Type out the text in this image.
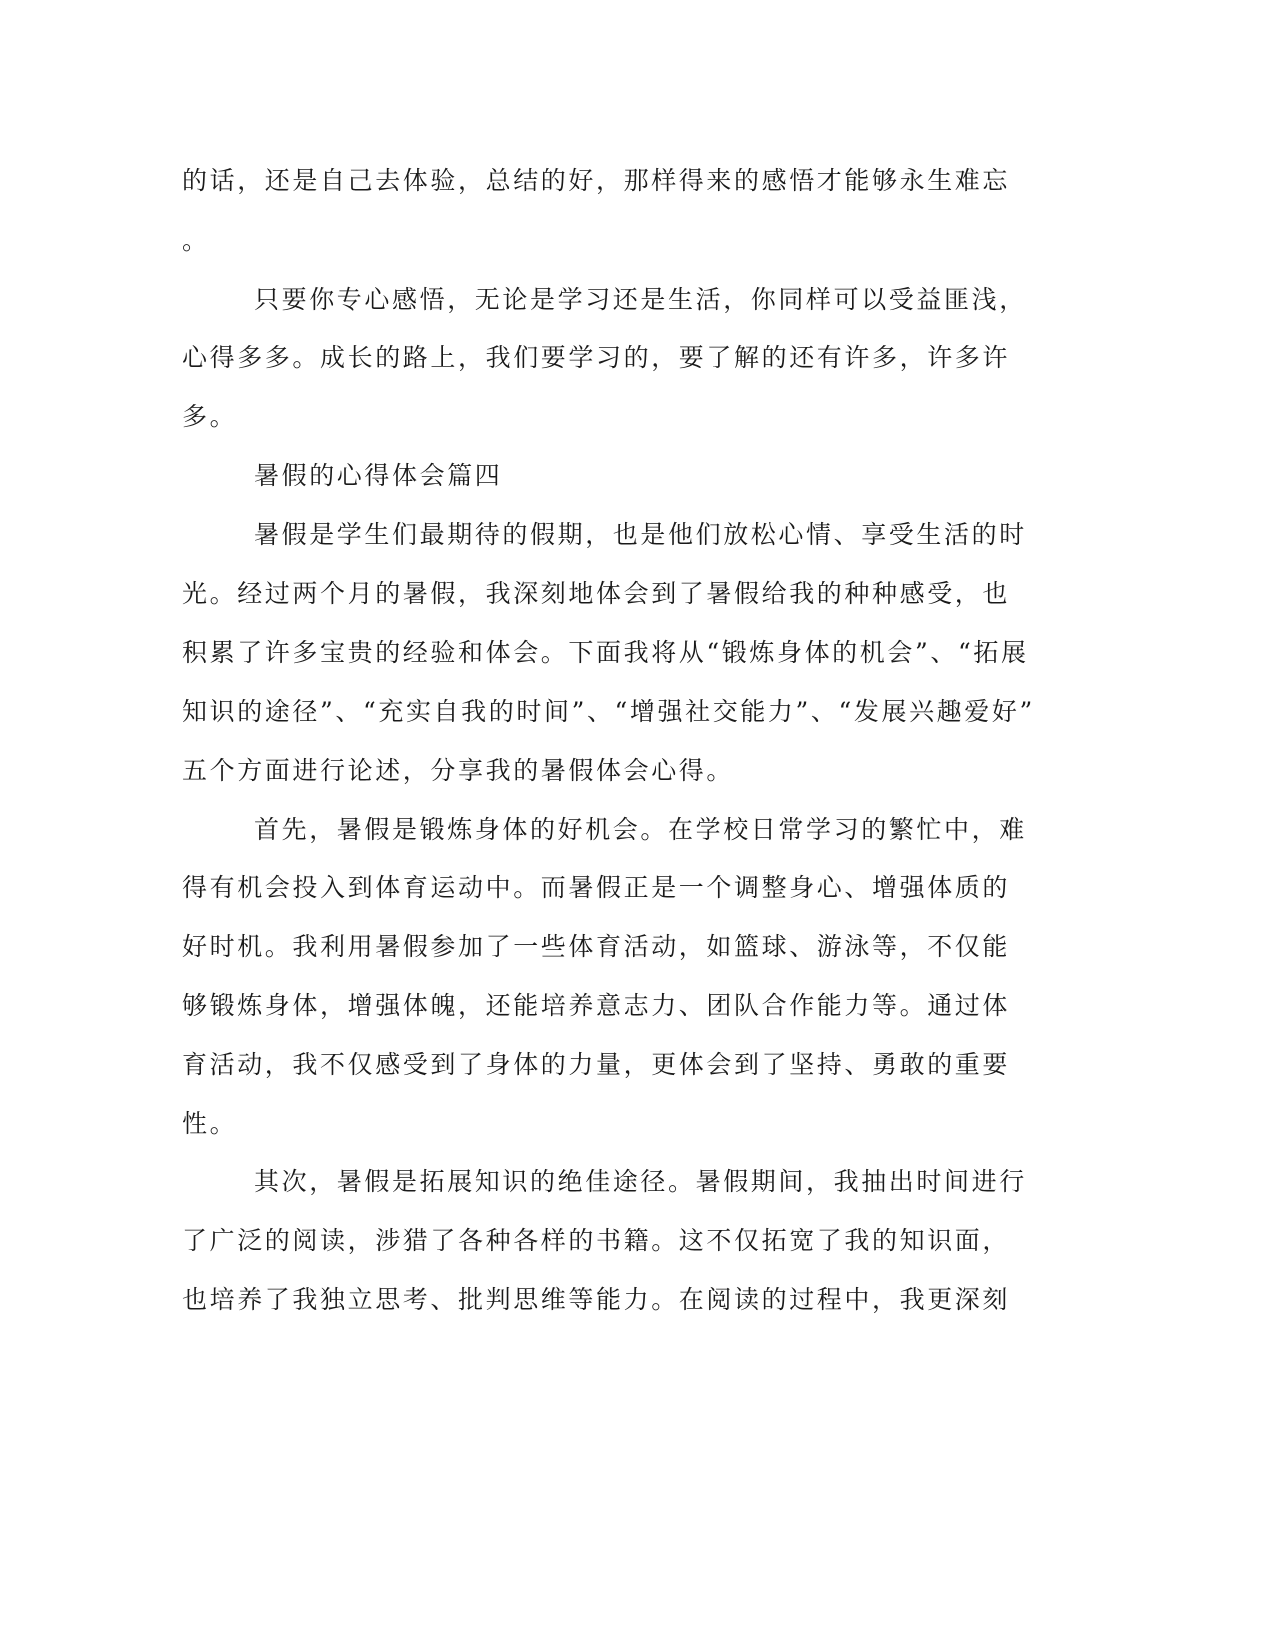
的话，还是自己去体验，总结的好，那样得来的感悟才能够永生难忘
。
只要你专心感悟，无论是学习还是生活，你同样可以受益匪浅，
心得多多。成长的路上，我们要学习的，要了解的还有许多，许多许
多。
暑假的心得体会篇四
暑假是学生们最期待的假期，也是他们放松心情、享受生活的时
光。经过两个月的暑假，我深刻地体会到了暑假给我的种种感受，也
积累了许多宝贵的经验和体会。下面我将从“锻炼身体的机会”、“拓展
知识的途径”、“充实自我的时间”、“增强社交能力”、“发展兴趣爱好”
五个方面进行论述，分享我的暑假体会心得。
首先，暑假是锻炼身体的好机会。在学校日常学习的繁忙中，难
得有机会投入到体育运动中。而暑假正是一个调整身心、增强体质的
好时机。我利用暑假参加了一些体育活动，如篮球、游泳等，不仅能
够锻炼身体，增强体魄，还能培养意志力、团队合作能力等。通过体
育活动，我不仅感受到了身体的力量，更体会到了坚持、勇敢的重要
性。
其次，暑假是拓展知识的绝佳途径。暑假期间，我抽出时间进行
了广泛的阅读，涉猎了各种各样的书籍。这不仅拓宽了我的知识面，
也培养了我独立思考、批判思维等能力。在阅读的过程中，我更深刻
